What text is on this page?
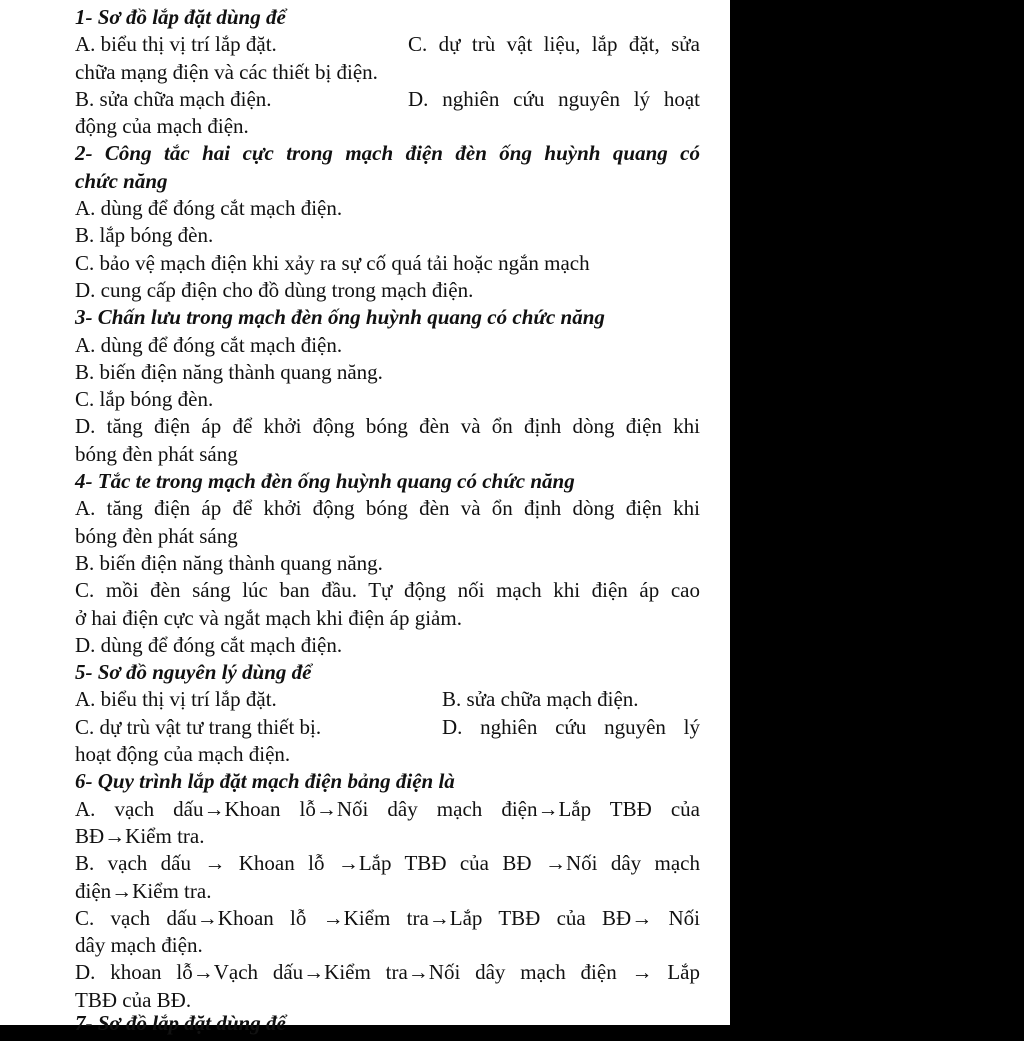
1- Sơ đồ lắp đặt dùng để
A. biểu thị vị trí lắp đặt.	C. dự trù vật liệu, lắp đặt, sửa
chữa mạng điện và các thiết bị điện.
B. sửa chữa mạch điện.	D. nghiên cứu nguyên lý hoạt
động của mạch điện.
2- Công tắc hai cực trong mạch điện đèn ống huỳnh quang có
chức năng
A. dùng để đóng cắt mạch điện.
B. lắp bóng đèn.
C. bảo vệ mạch điện khi xảy ra sự cố quá tải hoặc ngắn mạch
D. cung cấp điện cho đồ dùng trong mạch điện.
3- Chấn lưu trong mạch đèn ống huỳnh quang có chức năng
A. dùng để đóng cắt mạch điện.
B. biến điện năng thành quang năng.
C. lắp bóng đèn.
D. tăng điện áp để khởi động bóng đèn và ổn định dòng điện khi
bóng đèn phát sáng
4- Tắc te trong mạch đèn ống huỳnh quang có chức năng
A. tăng điện áp để khởi động bóng đèn và ổn định dòng điện khi
bóng đèn phát sáng
B. biến điện năng thành quang năng.
C. mồi đèn sáng lúc ban đầu. Tự động nối mạch khi điện áp cao
ở hai điện cực và ngắt mạch khi điện áp giảm.
D. dùng để đóng cắt mạch điện.
5- Sơ đồ nguyên lý dùng để
A. biểu thị vị trí lắp đặt.	B. sửa chữa mạch điện.
C. dự trù vật tư trang thiết bị.	D. nghiên cứu nguyên lý
hoạt động của mạch điện.
6- Quy trình lắp đặt mạch điện bảng điện là
A. vạch dấu→Khoan lỗ→Nối dây mạch điện→Lắp TBĐ của
BĐ→Kiểm tra.
B. vạch dấu → Khoan lỗ →Lắp TBĐ của BĐ →Nối dây mạch
điện→Kiểm tra.
C. vạch dấu→Khoan lỗ →Kiểm tra→Lắp TBĐ của BĐ→ Nối
dây mạch điện.
D. khoan lỗ→Vạch dấu→Kiểm tra→Nối dây mạch điện → Lắp
TBĐ của BĐ.
7- Sơ đồ lắp đặt dùng để
